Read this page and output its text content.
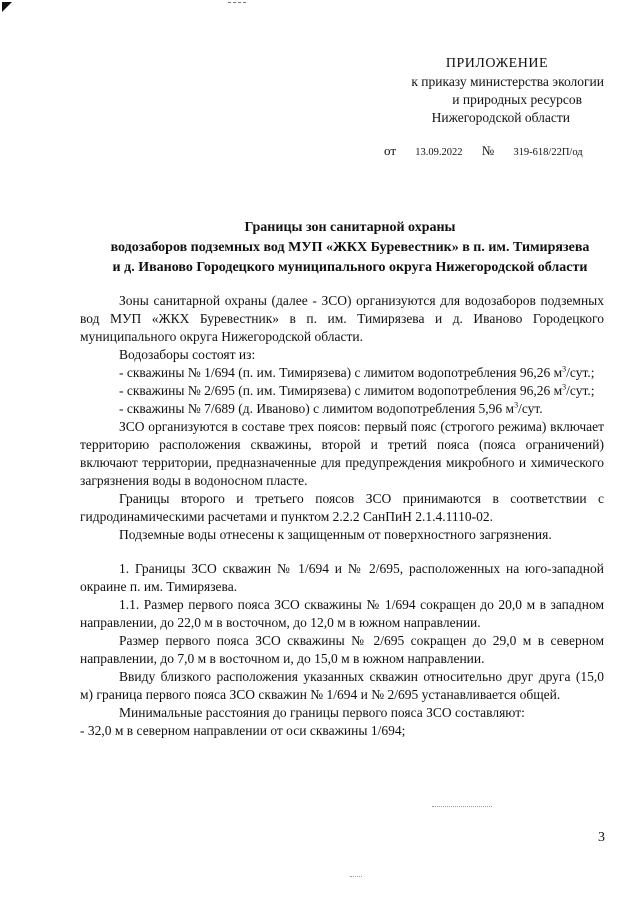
ПРИЛОЖЕНИЕ
к приказу министерства экологии
и природных ресурсов
Нижегородской области
от 13.09.2022 № 319-618/22П/од
Границы зон санитарной охраны
водозаборов подземных вод МУП «ЖКХ Буревестник» в п. им. Тимирязева
и д. Иваново Городецкого муниципального округа Нижегородской области

Зоны санитарной охраны (далее - ЗСО) организуются для водозаборов подземных вод МУП «ЖКХ Буревестник» в п. им. Тимирязева и д. Иваново Городецкого муниципального округа Нижегородской области.

Водозаборы состоят из:

- скважины № 1/694 (п. им. Тимирязева) с лимитом водопотребления 96,26 $м^3$/сут.;

- скважины № 2/695 (п. им. Тимирязева) с лимитом водопотребления 96,26 $м^3$/сут.;

- скважины № 7/689 (д. Иваново) с лимитом водопотребления 5,96 $м^3$/сут.

ЗСО организуются в составе трех поясов: первый пояс (строгого режима) включает территорию расположения скважины, второй и третий пояса (пояса ограничений) включают территории, предназначенные для предупреждения микробного и химического загрязнения воды в водоносном пласте.

Границы второго и третьего поясов ЗСО принимаются в соответствии с гидродинамическими расчетами и пунктом 2.2.2 СанПиН 2.1.4.1110-02.

Подземные воды отнесены к защищенным от поверхностного загрязнения.

1. Границы ЗСО скважин № 1/694 и № 2/695, расположенных на юго-западной окраине п. им. Тимирязева.

1.1. Размер первого пояса ЗСО скважины № 1/694 сокращен до 20,0 м в западном направлении, до 22,0 м в восточном, до 12,0 м в южном направлении.

Размер первого пояса ЗСО скважины № 2/695 сокращен до 29,0 м в северном направлении, до 7,0 м в восточном и, до 15,0 м в южном направлении.

Ввиду близкого расположения указанных скважин относительно друг друга (15,0 м) граница первого пояса ЗСО скважин № 1/694 и № 2/695 устанавливается общей.

Минимальные расстояния до границы первого пояса ЗСО составляют:

- 32,0 м в северном направлении от оси скважины 1/694;

3
